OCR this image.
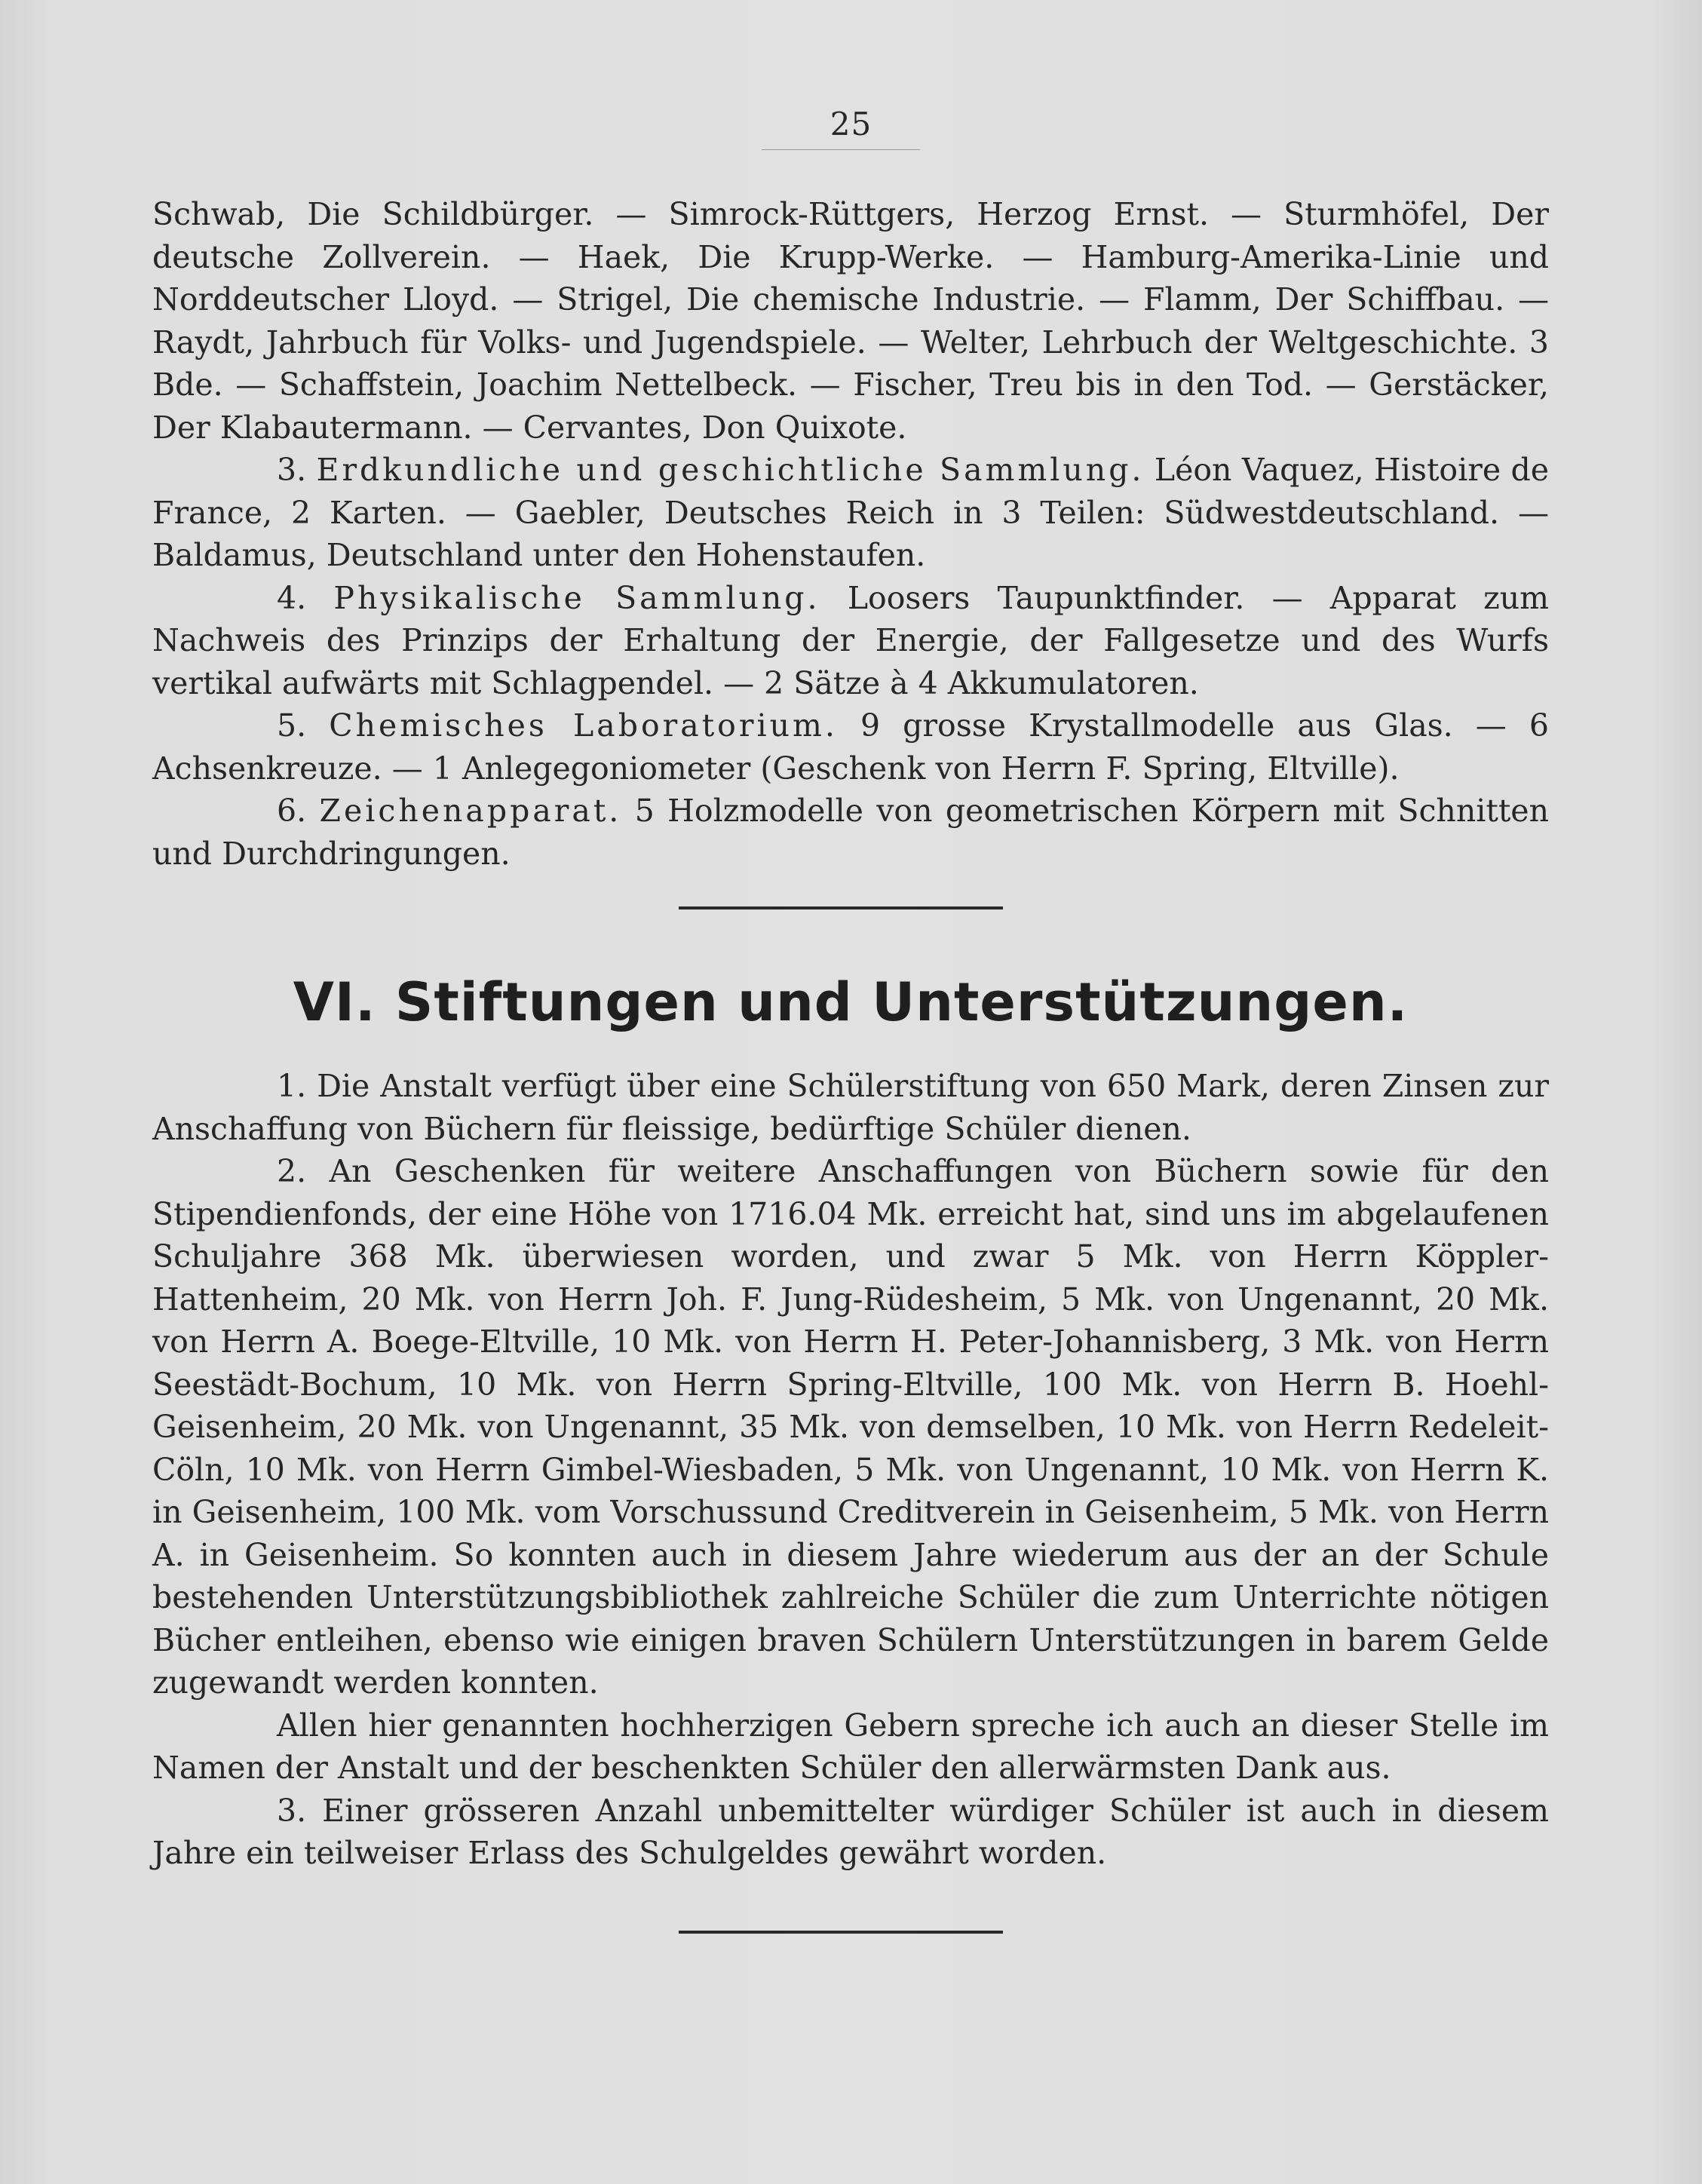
25

Schwab, Die Schildbürger. — Simrock-Rüttgers, Herzog Ernst. — Sturmhöfel, Der deutsche Zollverein. — Haek, Die Krupp-Werke. — Hamburg-Amerika-Linie und Norddeutscher Lloyd. — Strigel, Die chemische Industrie. — Flamm, Der Schiffbau. — Raydt, Jahrbuch für Volks- und Jugendspiele. — Welter, Lehrbuch der Weltgeschichte. 3 Bde. — Schaffstein, Joachim Nettelbeck. — Fischer, Treu bis in den Tod. — Gerstäcker, Der Klabautermann. — Cervantes, Don Quixote.

3. Erdkundliche und geschichtliche Sammlung. Léon Vaquez, Histoire de France, 2 Karten. — Gaebler, Deutsches Reich in 3 Teilen: Südwestdeutschland. — Baldamus, Deutschland unter den Hohenstaufen.

4. Physikalische Sammlung. Loosers Taupunktfinder. — Apparat zum Nachweis des Prinzips der Erhaltung der Energie, der Fallgesetze und des Wurfs vertikal aufwärts mit Schlagpendel. — 2 Sätze à 4 Akkumulatoren.

5. Chemisches Laboratorium. 9 grosse Krystallmodelle aus Glas. — 6 Achsenkreuze. — 1 Anlegegoniometer (Geschenk von Herrn F. Spring, Eltville).

6. Zeichenapparat. 5 Holzmodelle von geometrischen Körpern mit Schnitten und Durchdringungen.

VI. Stiftungen und Unterstützungen.

1. Die Anstalt verfügt über eine Schülerstiftung von 650 Mark, deren Zinsen zur Anschaffung von Büchern für fleissige, bedürftige Schüler dienen.

2. An Geschenken für weitere Anschaffungen von Büchern sowie für den Stipendienfonds, der eine Höhe von 1716.04 Mk. erreicht hat, sind uns im abgelaufenen Schuljahre 368 Mk. überwiesen worden, und zwar 5 Mk. von Herrn Köppler-Hattenheim, 20 Mk. von Herrn Joh. F. Jung-Rüdesheim, 5 Mk. von Ungenannt, 20 Mk. von Herrn A. Boege-Eltville, 10 Mk. von Herrn H. Peter-Johannisberg, 3 Mk. von Herrn Seestädt-Bochum, 10 Mk. von Herrn Spring-Eltville, 100 Mk. von Herrn B. Hoehl-Geisenheim, 20 Mk. von Ungenannt, 35 Mk. von demselben, 10 Mk. von Herrn Redeleit-Cöln, 10 Mk. von Herrn Gimbel-Wiesbaden, 5 Mk. von Ungenannt, 10 Mk. von Herrn K. in Geisenheim, 100 Mk. vom Vorschussund Creditverein in Geisenheim, 5 Mk. von Herrn A. in Geisenheim. So konnten auch in diesem Jahre wiederum aus der an der Schule bestehenden Unterstützungsbibliothek zahlreiche Schüler die zum Unterrichte nötigen Bücher entleihen, ebenso wie einigen braven Schülern Unterstützungen in barem Gelde zugewandt werden konnten.

Allen hier genannten hochherzigen Gebern spreche ich auch an dieser Stelle im Namen der Anstalt und der beschenkten Schüler den allerwärmsten Dank aus.

3. Einer grösseren Anzahl unbemittelter würdiger Schüler ist auch in diesem Jahre ein teilweiser Erlass des Schulgeldes gewährt worden.
